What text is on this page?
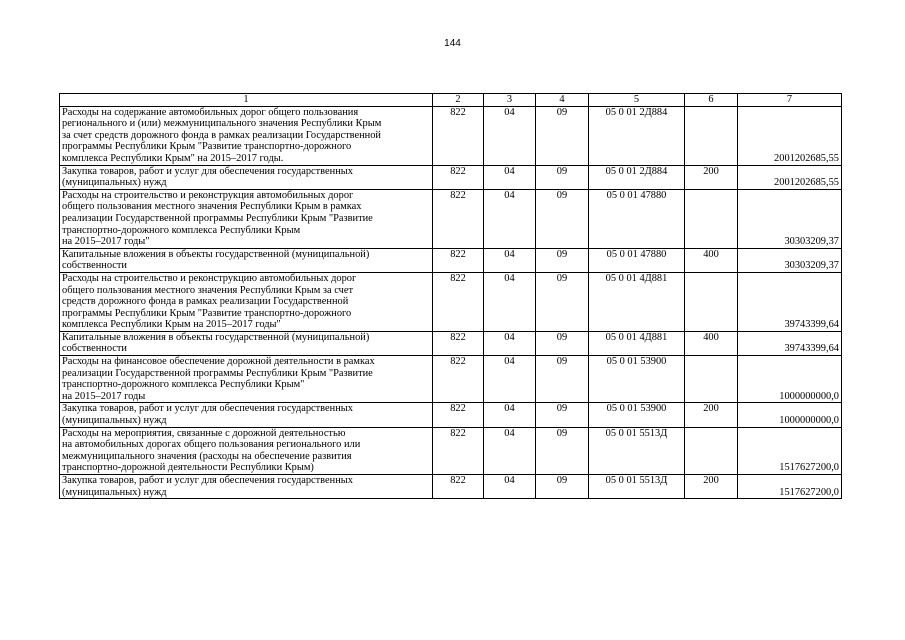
144
1	2	3	4	5	6	7

Расходы на содержание автомобильных дорог общего пользования
регионального и (или) межмуниципального значения Республики Крым
за счет средств дорожного фонда в рамках реализации Государственной
программы Республики Крым "Развитие транспортно-дорожного
комплекса Республики Крым" на 2015–2017 годы.	822	04	09	05 0 01 2Д884		2001202685,55

Закупка товаров, работ и услуг для обеспечения государственных
(муниципальных) нужд	822	04	09	05 0 01 2Д884	200	2001202685,55

Расходы на строительство и реконструкция автомобильных дорог
общего пользования местного значения Республики Крым в рамках
реализации Государственной программы Республики Крым "Развитие
транспортно-дорожного комплекса Республики Крым
на 2015–2017 годы"	822	04	09	05 0 01 47880		30303209,37

Капитальные вложения в объекты государственной (муниципальной)
собственности	822	04	09	05 0 01 47880	400	30303209,37

Расходы на строительство и реконструкцию автомобильных дорог
общего пользования местного значения Республики Крым за счет
средств дорожного фонда в рамках реализации Государственной
программы Республики Крым "Развитие транспортно-дорожного
комплекса Республики Крым на 2015–2017 годы"	822	04	09	05 0 01 4Д881		39743399,64

Капитальные вложения в объекты государственной (муниципальной)
собственности	822	04	09	05 0 01 4Д881	400	39743399,64

Расходы на финансовое обеспечение дорожной деятельности в рамках
реализации Государственной программы Республики Крым "Развитие
транспортно-дорожного комплекса Республики Крым"
на 2015–2017 годы	822	04	09	05 0 01 53900		1000000000,0

Закупка товаров, работ и услуг для обеспечения государственных
(муниципальных) нужд	822	04	09	05 0 01 53900	200	1000000000,0

Расходы на мероприятия, связанные с дорожной деятельностью
на автомобильных дорогах общего пользования регионального или
межмуниципального значения (расходы на обеспечение развития
транспортно-дорожной деятельности Республики Крым)	822	04	09	05 0 01 5513Д		1517627200,0

Закупка товаров, работ и услуг для обеспечения государственных
(муниципальных) нужд	822	04	09	05 0 01 5513Д	200	1517627200,0
